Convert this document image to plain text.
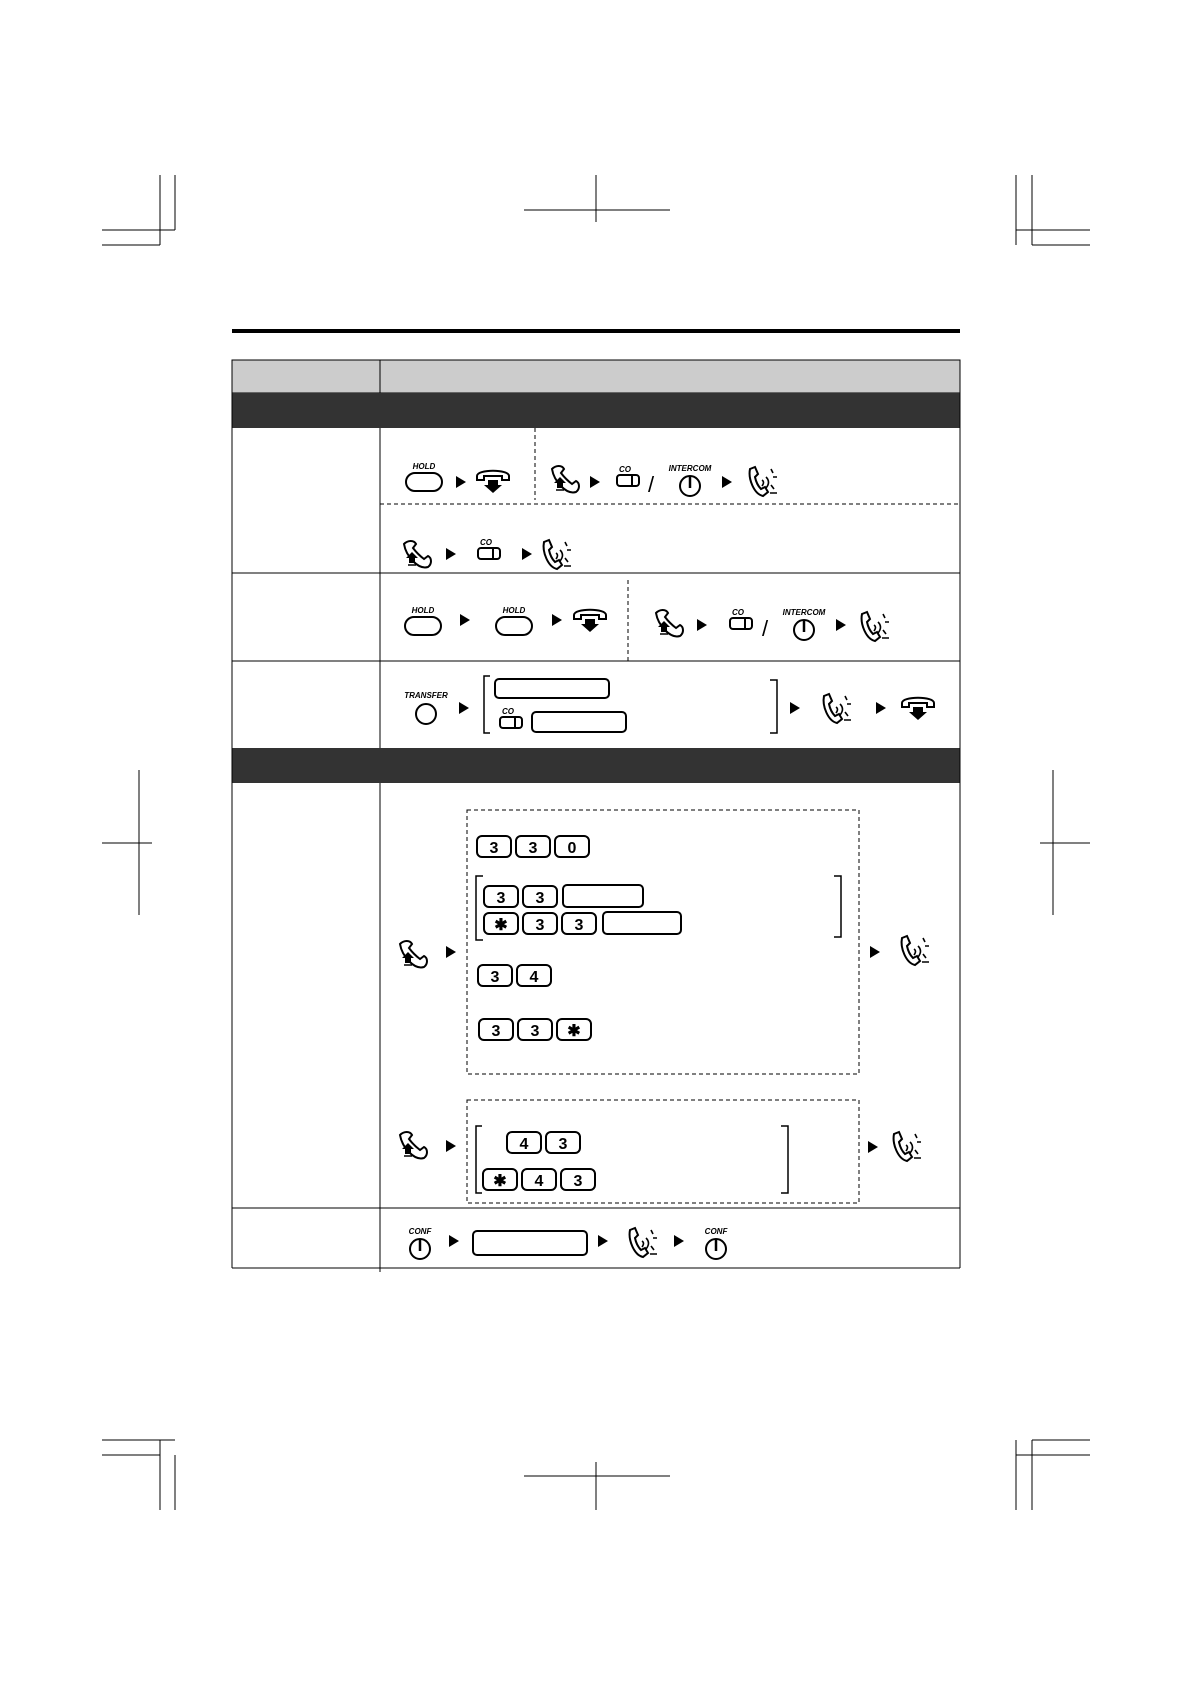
/
/
TRANSFER
3 3 0
3 3
✱ 3 3
3 4
3 3 ✱
4 3
✱ 4 3
